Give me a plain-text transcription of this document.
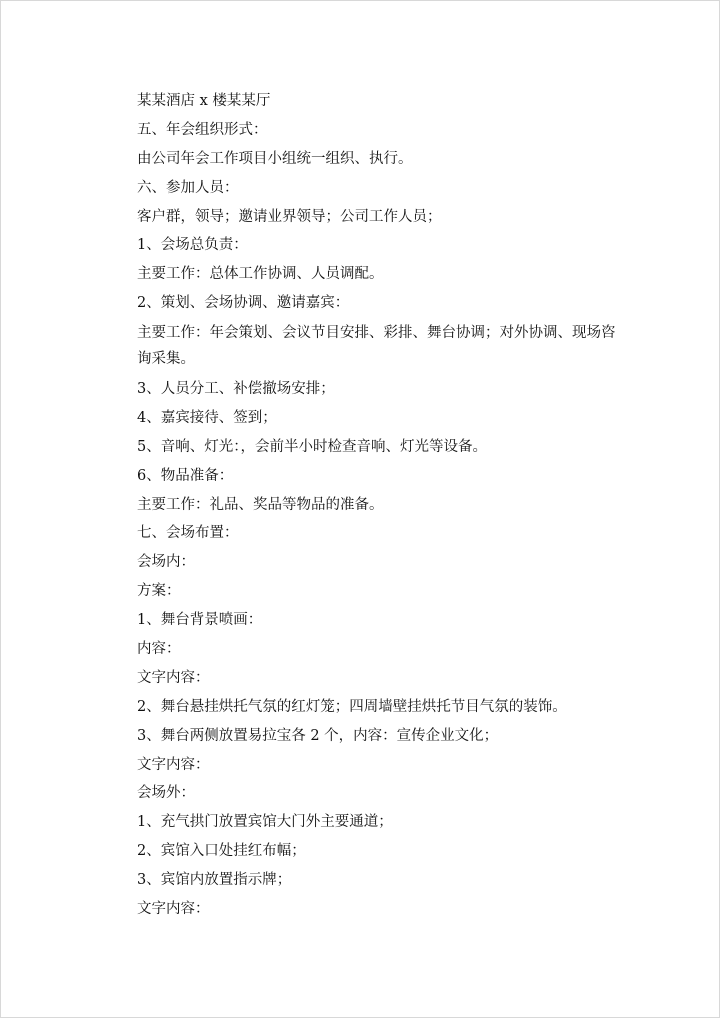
某某酒店 x 楼某某厅

五、年会组织形式：

由公司年会工作项目小组统一组织、执行。

六、参加人员：

客户群，领导；邀请业界领导；公司工作人员；

1、会场总负责：

主要工作：总体工作协调、人员调配。

2、策划、会场协调、邀请嘉宾：

主要工作：年会策划、会议节目安排、彩排、舞台协调；对外协调、现场咨询采集。

3、人员分工、补偿撤场安排；

4、嘉宾接待、签到；

5、音响、灯光：，会前半小时检查音响、灯光等设备。

6、物品准备：

主要工作：礼品、奖品等物品的准备。

七、会场布置：

会场内：

方案：

1、舞台背景喷画：

内容：

文字内容：

2、舞台悬挂烘托气氛的红灯笼；四周墙壁挂烘托节目气氛的装饰。

3、舞台两侧放置易拉宝各 2 个，内容：宣传企业文化；

文字内容：

会场外：

1、充气拱门放置宾馆大门外主要通道；

2、宾馆入口处挂红布幅；

3、宾馆内放置指示牌；

文字内容：
